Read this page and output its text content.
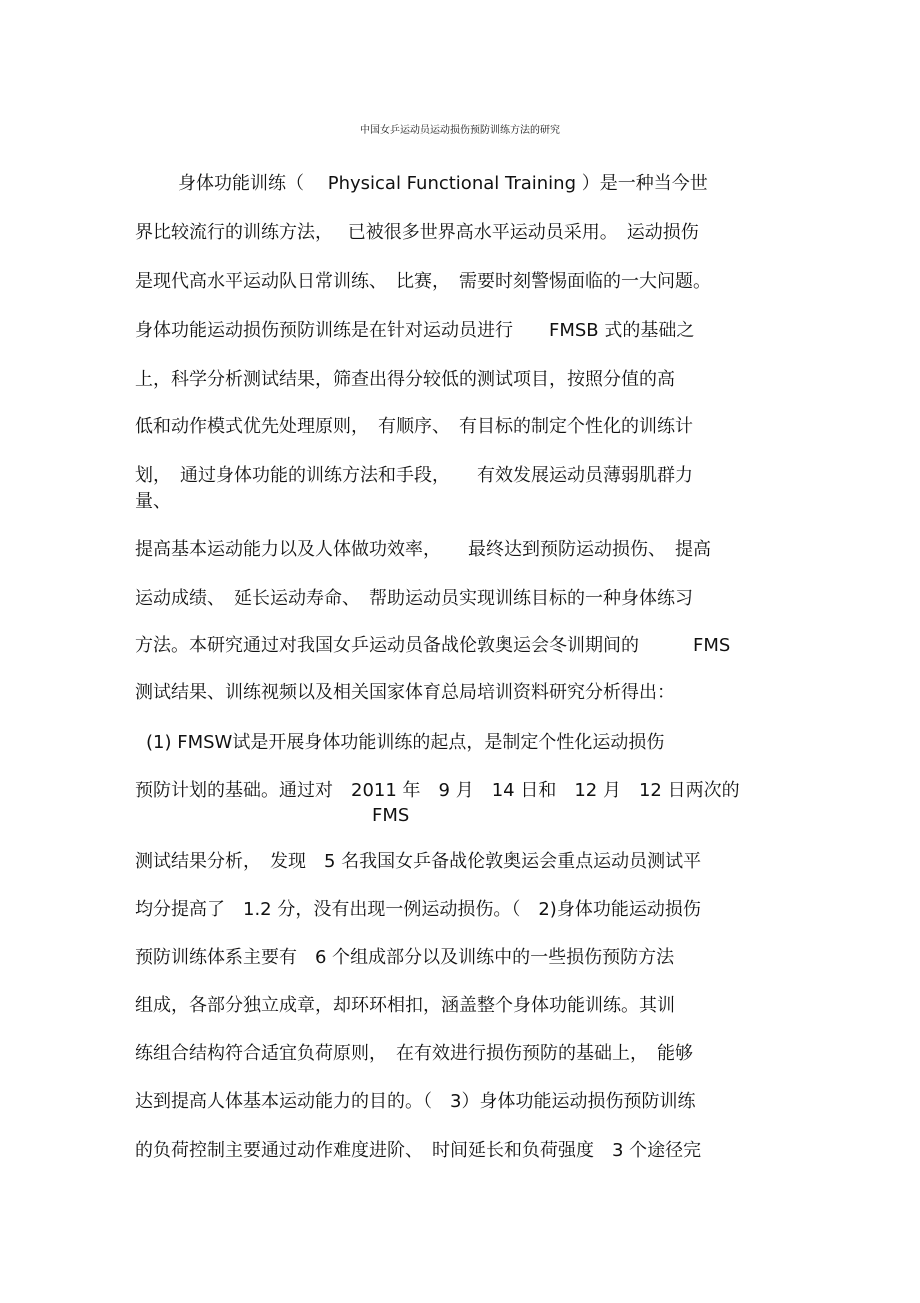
中国女乒运动员运动损伤预防训练方法的研究
身体功能训练（　 Physical Functional Training ）是一种当今世
界比较流行的训练方法，　 已被很多世界高水平运动员采用。　运动损伤
是现代高水平运动队日常训练、　比赛，　需要时刻警惕面临的一大问题。
身体功能运动损伤预防训练是在针对运动员进行　　FMSB 式的基础之
上，科学分析测试结果，筛查出得分较低的测试项目，按照分值的高
低和动作模式优先处理原则，　有顺序、　有目标的制定个性化的训练计
划，　通过身体功能的训练方法和手段，　　有效发展运动员薄弱肌群力
量、
提高基本运动能力以及人体做功效率，　　最终达到预防运动损伤、　提高
运动成绩、　延长运动寿命、　帮助运动员实现训练目标的一种身体练习
方法。本研究通过对我国女乒运动员备战伦敦奥运会冬训期间的　　　FMS
测试结果、训练视频以及相关国家体育总局培训资料研究分析得出：
(1) FMSW试是开展身体功能训练的起点，是制定个性化运动损伤
预防计划的基础。通过对　2011 年　9 月　14 日和　12 月　12 日两次的
FMS
测试结果分析，　发现　5 名我国女乒备战伦敦奥运会重点运动员测试平
均分提高了　1.2 分，没有出现一例运动损伤。（　2)身体功能运动损伤
预防训练体系主要有　6 个组成部分以及训练中的一些损伤预防方法
组成，各部分独立成章，却环环相扣，涵盖整个身体功能训练。其训
练组合结构符合适宜负荷原则，　在有效进行损伤预防的基础上，　能够
达到提高人体基本运动能力的目的。（　3）身体功能运动损伤预防训练
的负荷控制主要通过动作难度进阶、　时间延长和负荷强度　3 个途径完
